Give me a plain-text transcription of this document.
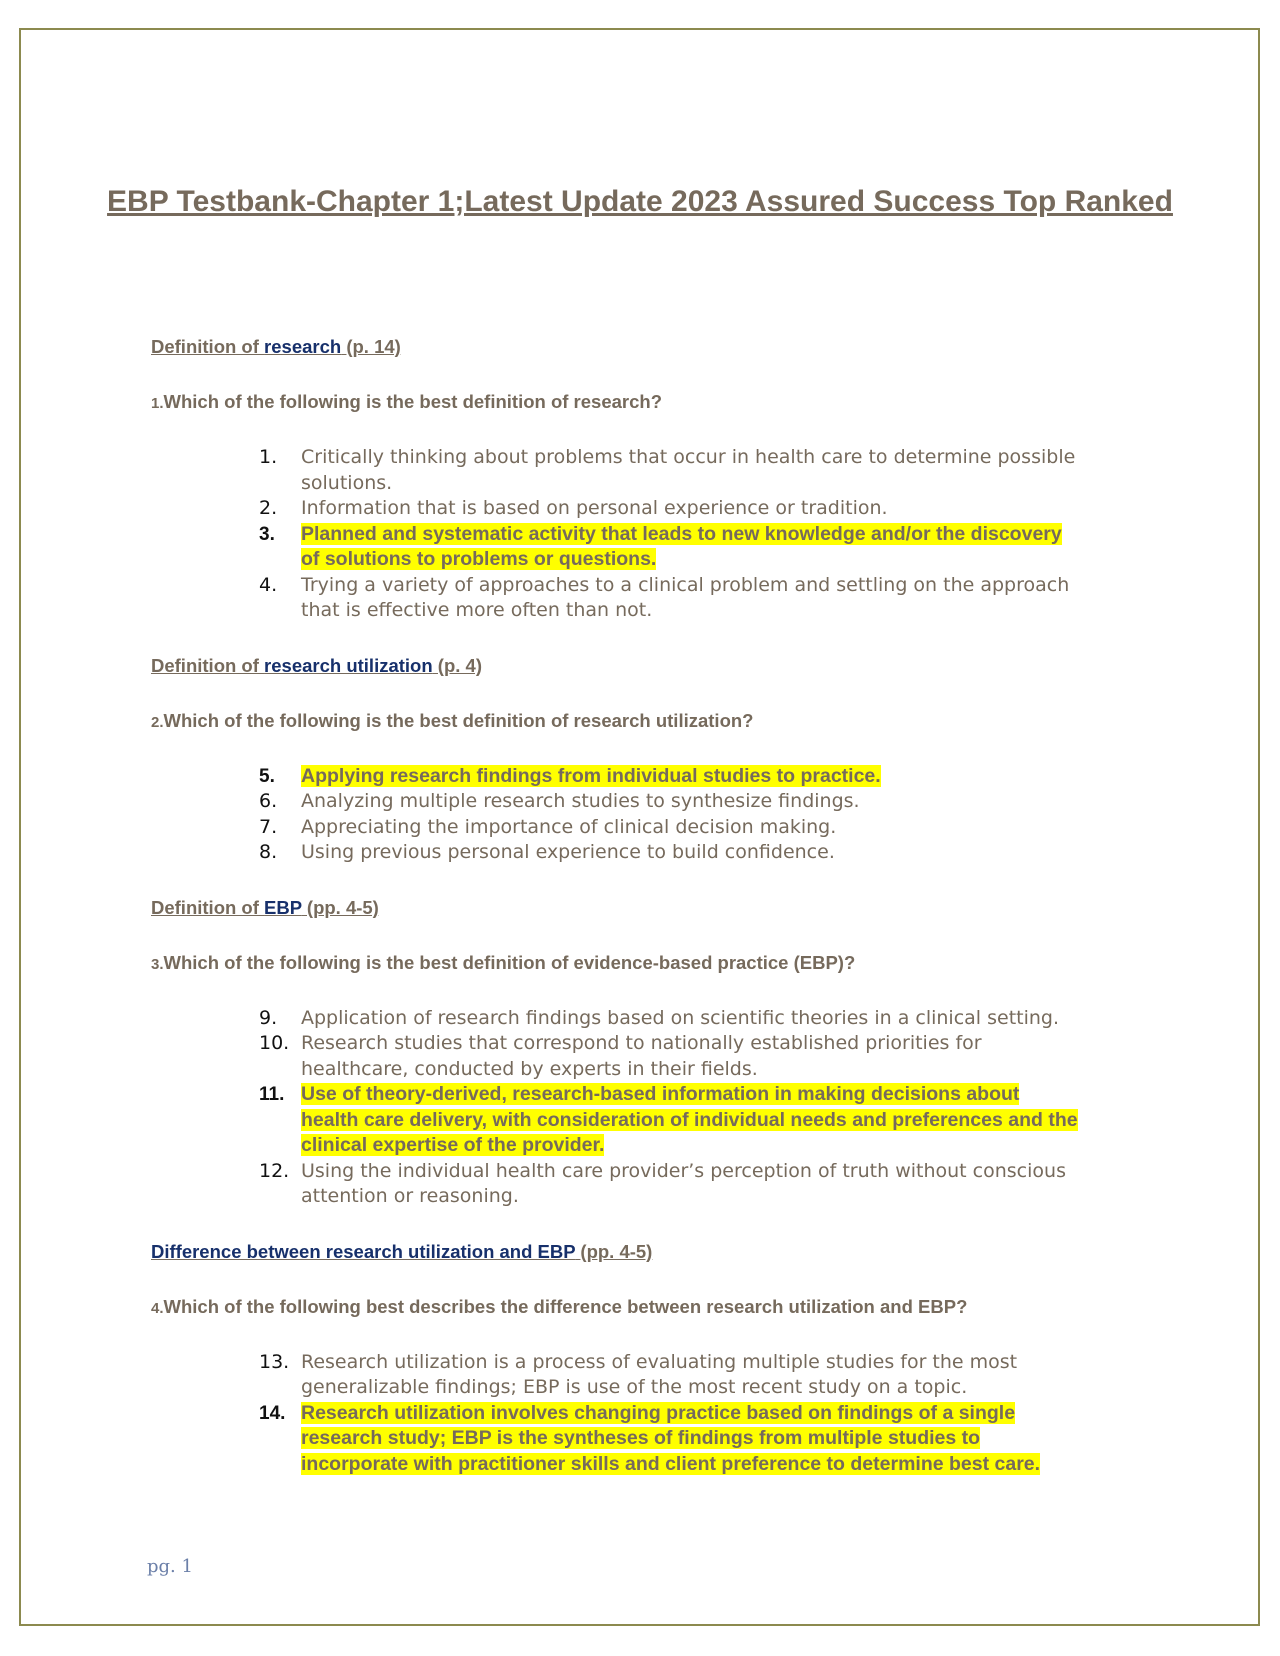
EBP Testbank-Chapter 1;Latest Update 2023 Assured Success Top Ranked
Definition of research (p. 14)
1.Which of the following is the best definition of research?
1. Critically thinking about problems that occur in health care to determine possible solutions.
2. Information that is based on personal experience or tradition.
3. Planned and systematic activity that leads to new knowledge and/or the discovery of solutions to problems or questions.
4. Trying a variety of approaches to a clinical problem and settling on the approach that is effective more often than not.
Definition of research utilization (p. 4)
2.Which of the following is the best definition of research utilization?
5. Applying research findings from individual studies to practice.
6. Analyzing multiple research studies to synthesize findings.
7. Appreciating the importance of clinical decision making.
8. Using previous personal experience to build confidence.
Definition of EBP (pp. 4-5)
3.Which of the following is the best definition of evidence-based practice (EBP)?
9. Application of research findings based on scientific theories in a clinical setting.
10. Research studies that correspond to nationally established priorities for healthcare, conducted by experts in their fields.
11. Use of theory-derived, research-based information in making decisions about health care delivery, with consideration of individual needs and preferences and the clinical expertise of the provider.
12. Using the individual health care provider’s perception of truth without conscious attention or reasoning.
Difference between research utilization and EBP (pp. 4-5)
4.Which of the following best describes the difference between research utilization and EBP?
13. Research utilization is a process of evaluating multiple studies for the most generalizable findings; EBP is use of the most recent study on a topic.
14. Research utilization involves changing practice based on findings of a single research study; EBP is the syntheses of findings from multiple studies to incorporate with practitioner skills and client preference to determine best care.
pg. 1
